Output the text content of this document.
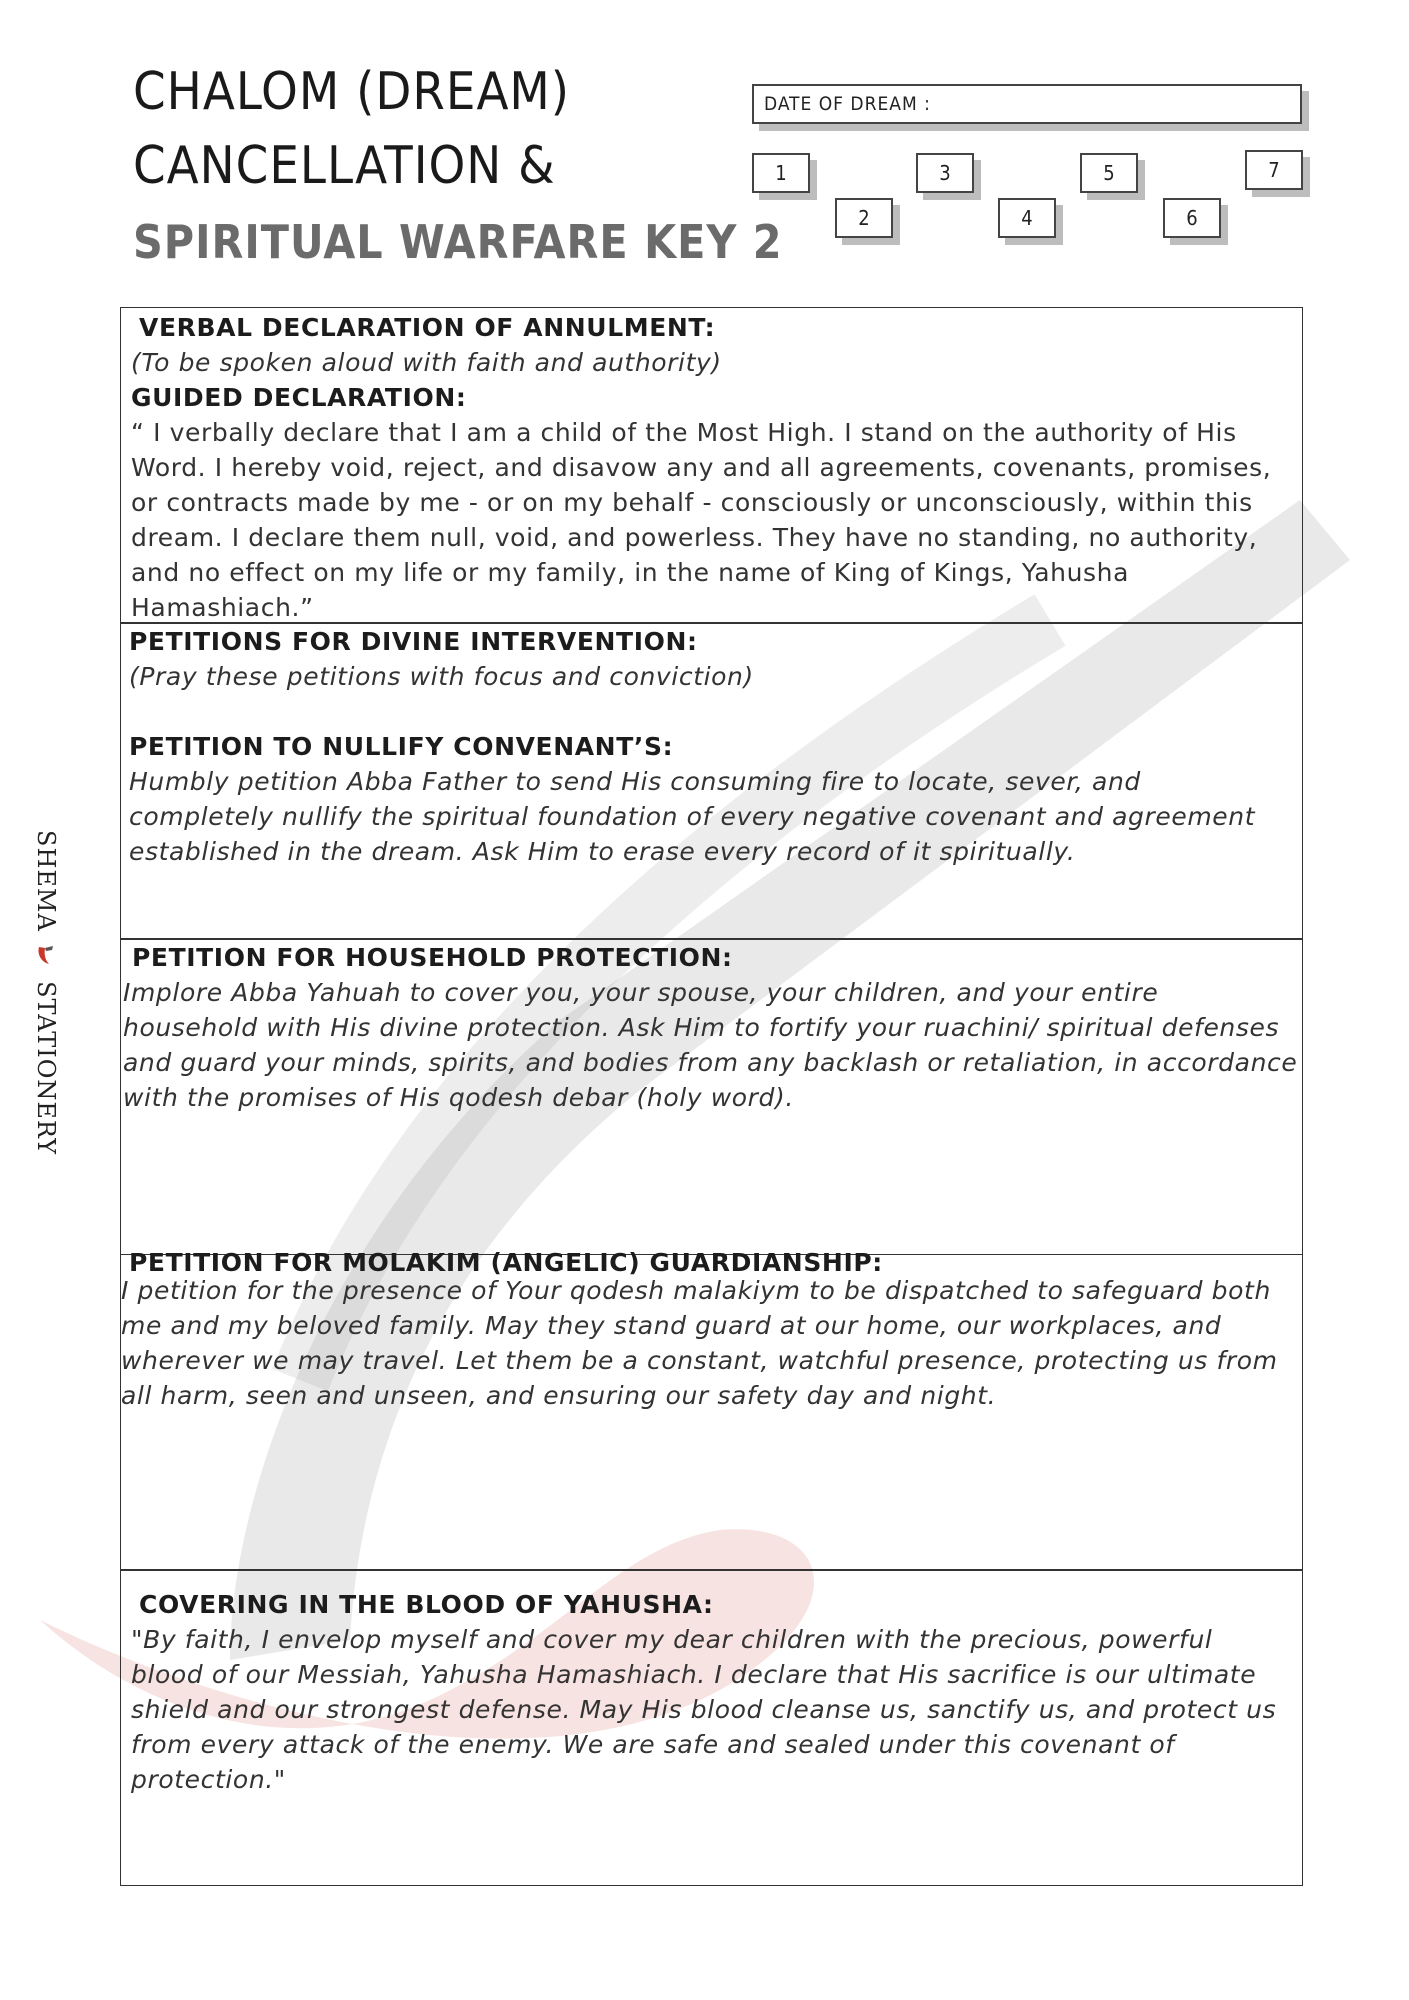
CHALOM (DREAM)
CANCELLATION &
SPIRITUAL WARFARE KEY 2
DATE OF DREAM :
1
2
3
4
5
6
7
SHEMA  STATIONERY

VERBAL DECLARATION OF ANNULMENT:

(To be spoken aloud with faith and authority)

GUIDED DECLARATION:

“ I verbally declare that I am a child of the Most High. I stand on the authority of His Word. I hereby void, reject, and disavow any and all agreements, covenants, promises, or contracts made by me - or on my behalf - consciously or unconsciously, within this dream. I declare them null, void, and powerless. They have no standing, no authority, and no effect on my life or my family, in the name of King of Kings, Yahusha Hamashiach.”

PETITIONS FOR DIVINE INTERVENTION:

(Pray these petitions with focus and conviction)

PETITION TO NULLIFY CONVENANT’S:

Humbly petition Abba Father to send His consuming fire to locate, sever, and completely nullify the spiritual foundation of every negative covenant and agreement established in the dream. Ask Him to erase every record of it spiritually.

PETITION FOR HOUSEHOLD PROTECTION:

Implore Abba Yahuah to cover you, your spouse, your children, and your entire household with His divine protection. Ask Him to fortify your ruachini/ spiritual defenses and guard your minds, spirits, and bodies from any backlash or retaliation, in accordance with the promises of His qodesh debar (holy word).

PETITION FOR MOLAKIM (ANGELIC) GUARDIANSHIP:

I petition for the presence of Your qodesh malakiym to be dispatched to safeguard both me and my beloved family. May they stand guard at our home, our workplaces, and wherever we may travel. Let them be a constant, watchful presence, protecting us from all harm, seen and unseen, and ensuring our safety day and night.

COVERING IN THE BLOOD OF YAHUSHA:

"By faith, I envelop myself and cover my dear children with the precious, powerful blood of our Messiah, Yahusha Hamashiach. I declare that His sacrifice is our ultimate shield and our strongest defense. May His blood cleanse us, sanctify us, and protect us from every attack of the enemy. We are safe and sealed under this covenant of protection."
